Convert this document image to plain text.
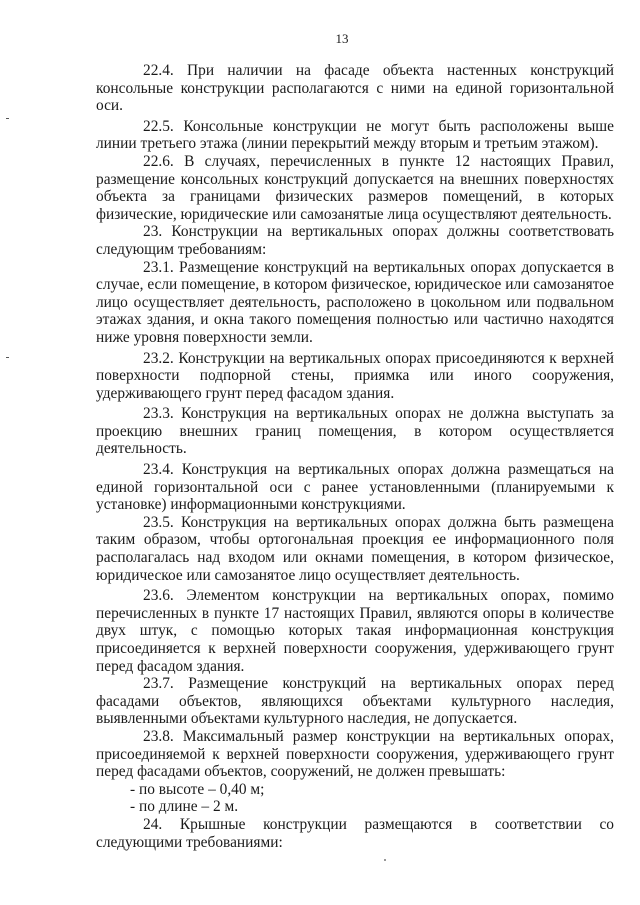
13

22.4. При наличии на фасаде объекта настенных конструкций консольные конструкции располагаются с ними на единой горизонтальной оси.

22.5. Консольные конструкции не могут быть расположены выше линии третьего этажа (линии перекрытий между вторым и третьим этажом).

22.6. В случаях, перечисленных в пункте 12 настоящих Правил, размещение консольных конструкций допускается на внешних поверхностях объекта за границами физических размеров помещений, в которых физические, юридические или самозанятые лица осуществляют деятельность.

23. Конструкции на вертикальных опорах должны соответствовать следующим требованиям:

23.1. Размещение конструкций на вертикальных опорах допускается в случае, если помещение, в котором физическое, юридическое или самозанятое лицо осуществляет деятельность, расположено в цокольном или подвальном этажах здания, и окна такого помещения полностью или частично находятся ниже уровня поверхности земли.

23.2. Конструкции на вертикальных опорах присоединяются к верхней поверхности подпорной стены, приямка или иного сооружения, удерживающего грунт перед фасадом здания.

23.3. Конструкция на вертикальных опорах не должна выступать за проекцию внешних границ помещения, в котором осуществляется деятельность.

23.4. Конструкция на вертикальных опорах должна размещаться на единой горизонтальной оси с ранее установленными (планируемыми к установке) информационными конструкциями.

23.5. Конструкция на вертикальных опорах должна быть размещена таким образом, чтобы ортогональная проекция ее информационного поля располагалась над входом или окнами помещения, в котором физическое, юридическое или самозанятое лицо осуществляет деятельность.

23.6. Элементом конструкции на вертикальных опорах, помимо перечисленных в пункте 17 настоящих Правил, являются опоры в количестве двух штук, с помощью которых такая информационная конструкция присоединяется к верхней поверхности сооружения, удерживающего грунт перед фасадом здания.

23.7. Размещение конструкций на вертикальных опорах перед фасадами объектов, являющихся объектами культурного наследия, выявленными объектами культурного наследия, не допускается.

23.8. Максимальный размер конструкции на вертикальных опорах, присоединяемой к верхней поверхности сооружения, удерживающего грунт перед фасадами объектов, сооружений, не должен превышать:

- по высоте – 0,40 м;

- по длине – 2 м.

24. Крышные конструкции размещаются в соответствии со следующими требованиями:
